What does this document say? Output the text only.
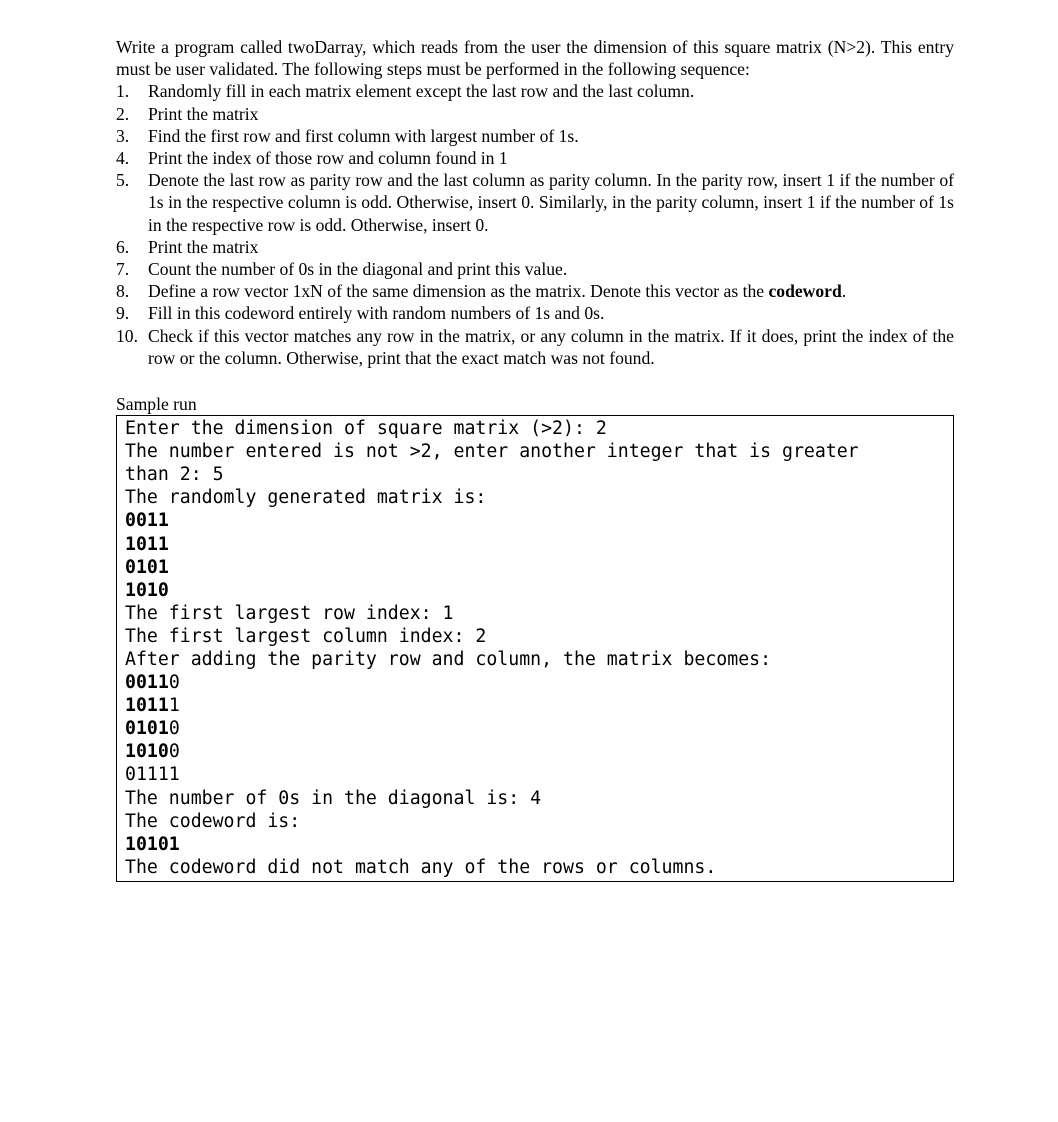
Write a program called twoDarray, which reads from the user the dimension of this square matrix (N>2). This entry must be user validated. The following steps must be performed in the following sequence:

1. Randomly fill in each matrix element except the last row and the last column.
2. Print the matrix
3. Find the first row and first column with largest number of 1s.
4. Print the index of those row and column found in 1
5. Denote the last row as parity row and the last column as parity column. In the parity row, insert 1 if the number of 1s in the respective column is odd. Otherwise, insert 0. Similarly, in the parity column, insert 1 if the number of 1s in the respective row is odd. Otherwise, insert 0.
6. Print the matrix
7. Count the number of 0s in the diagonal and print this value.
8. Define a row vector 1xN of the same dimension as the matrix. Denote this vector as the codeword.
9. Fill in this codeword entirely with random numbers of 1s and 0s.
10. Check if this vector matches any row in the matrix, or any column in the matrix. If it does, print the index of the row or the column. Otherwise, print that the exact match was not found.
Sample run
Enter the dimension of square matrix (>2): 2
The number entered is not >2, enter another integer that is greater
than 2: 5
The randomly generated matrix is:
0011
1011
0101
1010
The first largest row index: 1
The first largest column index: 2
After adding the parity row and column, the matrix becomes:
00110
10111
01010
10100
01111
The number of 0s in the diagonal is: 4
The codeword is:
10101
The codeword did not match any of the rows or columns.
